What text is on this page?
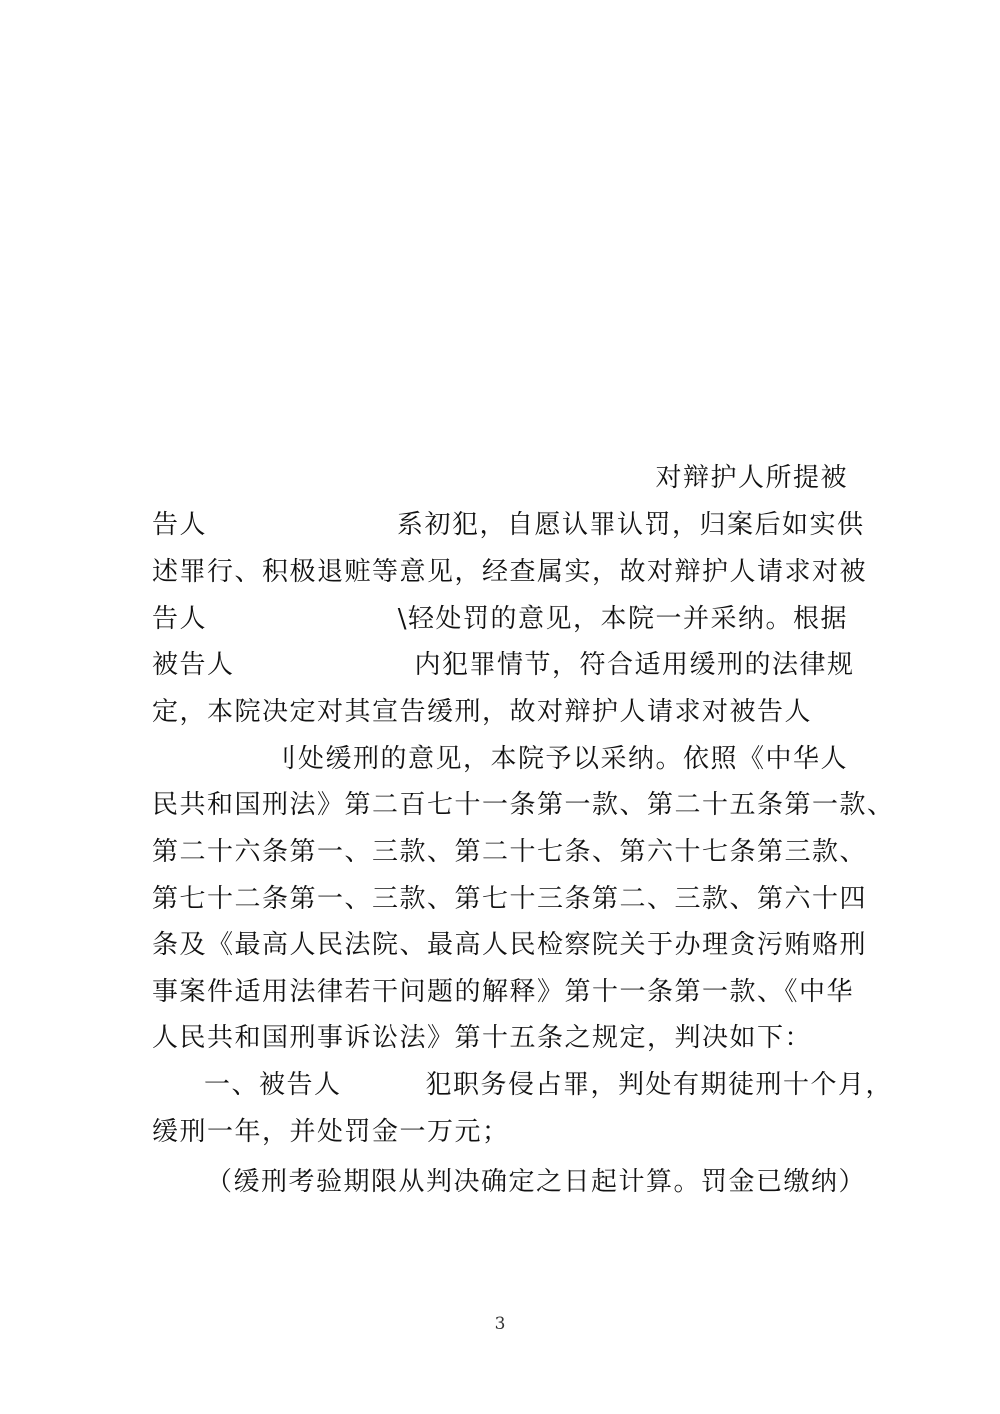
对辩护人所提被
告人	系初犯，自愿认罪认罚，归案后如实供
述罪行、积极退赃等意见，经查属实，故对辩护人请求对被
告人	\轻处罚的意见，本院一并采纳。根据
被告人	内犯罪情节，符合适用缓刑的法律规
定，本院决定对其宣告缓刑，故对辩护人请求对被告人
刂处缓刑的意见，本院予以采纳。依照《中华人
民共和国刑法》第二百七十一条第一款、第二十五条第一款、
第二十六条第一、三款、第二十七条、第六十七条第三款、
第七十二条第一、三款、第七十三条第二、三款、第六十四
条及《最高人民法院、最高人民检察院关于办理贪污贿赂刑
事案件适用法律若干问题的解释》第十一条第一款、《中华
人民共和国刑事诉讼法》第十五条之规定，判决如下：
一、被告人	犯职务侵占罪，判处有期徒刑十个月，
缓刑一年，并处罚金一万元；
（缓刑考验期限从判决确定之日起计算。罚金已缴纳）
3
